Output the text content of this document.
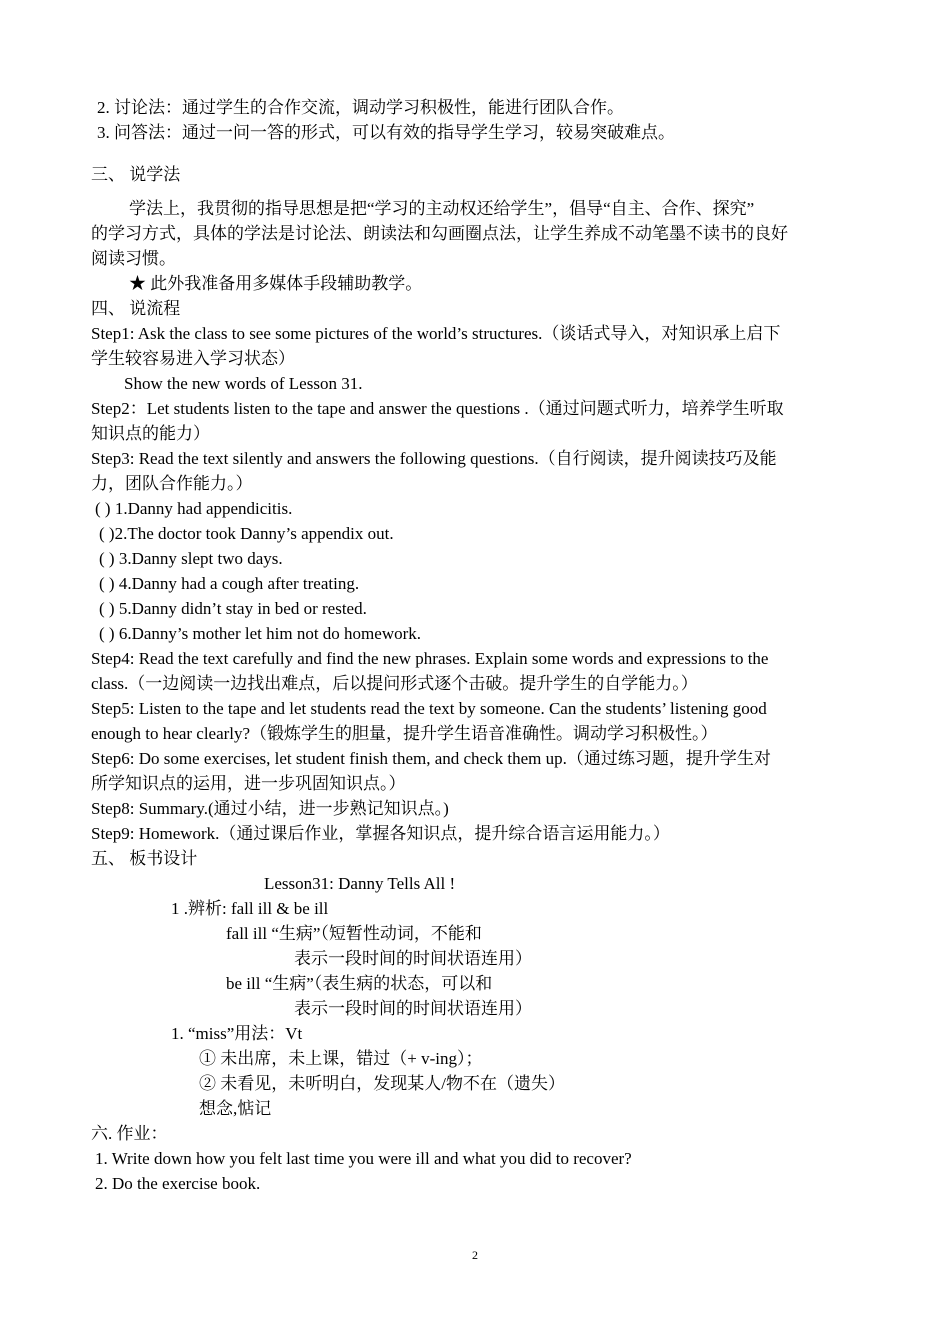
2. 讨论法：通过学生的合作交流，调动学习积极性，能进行团队合作。
3. 问答法：通过一问一答的形式，可以有效的指导学生学习，较易突破难点。
三、 说学法
学法上，我贯彻的指导思想是把“学习的主动权还给学生”，倡导“自主、合作、探究”
的学习方式，具体的学法是讨论法、朗读法和勾画圈点法，让学生养成不动笔墨不读书的良好
阅读习惯。
★ 此外我准备用多媒体手段辅助教学。
四、 说流程
Step1: Ask the class to see some pictures of the world’s structures.（谈话式导入，对知识承上启下
学生较容易进入学习状态）
Show the new words of Lesson 31.
Step2：Let students listen to the tape and answer the questions .（通过问题式听力，培养学生听取
知识点的能力）
Step3: Read the text silently and answers the following questions.（自行阅读，提升阅读技巧及能
力，团队合作能力。）
( ) 1.Danny had appendicitis.
( )2.The doctor took Danny’s appendix out.
( ) 3.Danny slept two days.
( ) 4.Danny had a cough after treating.
( ) 5.Danny didn’t stay in bed or rested.
( ) 6.Danny’s mother let him not do homework.
Step4: Read the text carefully and find the new phrases. Explain some words and expressions to the
class.（一边阅读一边找出难点，后以提问形式逐个击破。提升学生的自学能力。）
Step5: Listen to the tape and let students read the text by someone. Can the students’ listening good
enough to hear clearly?（锻炼学生的胆量，提升学生语音准确性。调动学习积极性。）
Step6: Do some exercises, let student finish them, and check them up.（通过练习题，提升学生对
所学知识点的运用，进一步巩固知识点。）
Step8: Summary.(通过小结，进一步熟记知识点。)
Step9: Homework.（通过课后作业，掌握各知识点，提升综合语言运用能力。）
五、 板书设计
Lesson31: Danny Tells All !
1 .辨析: fall ill & be ill
fall ill “生病”（短暂性动词，不能和
表示一段时间的时间状语连用）
be ill “生病”（表生病的状态，可以和
表示一段时间的时间状语连用）
1. “miss”用法：Vt
① 未出席，未上课，错过（+ v-ing）；
② 未看见，未听明白，发现某人/物不在（遗失）
想念,惦记
六. 作业：
1. Write down how you felt last time you were ill and what you did to recover?
2. Do the exercise book.
2
